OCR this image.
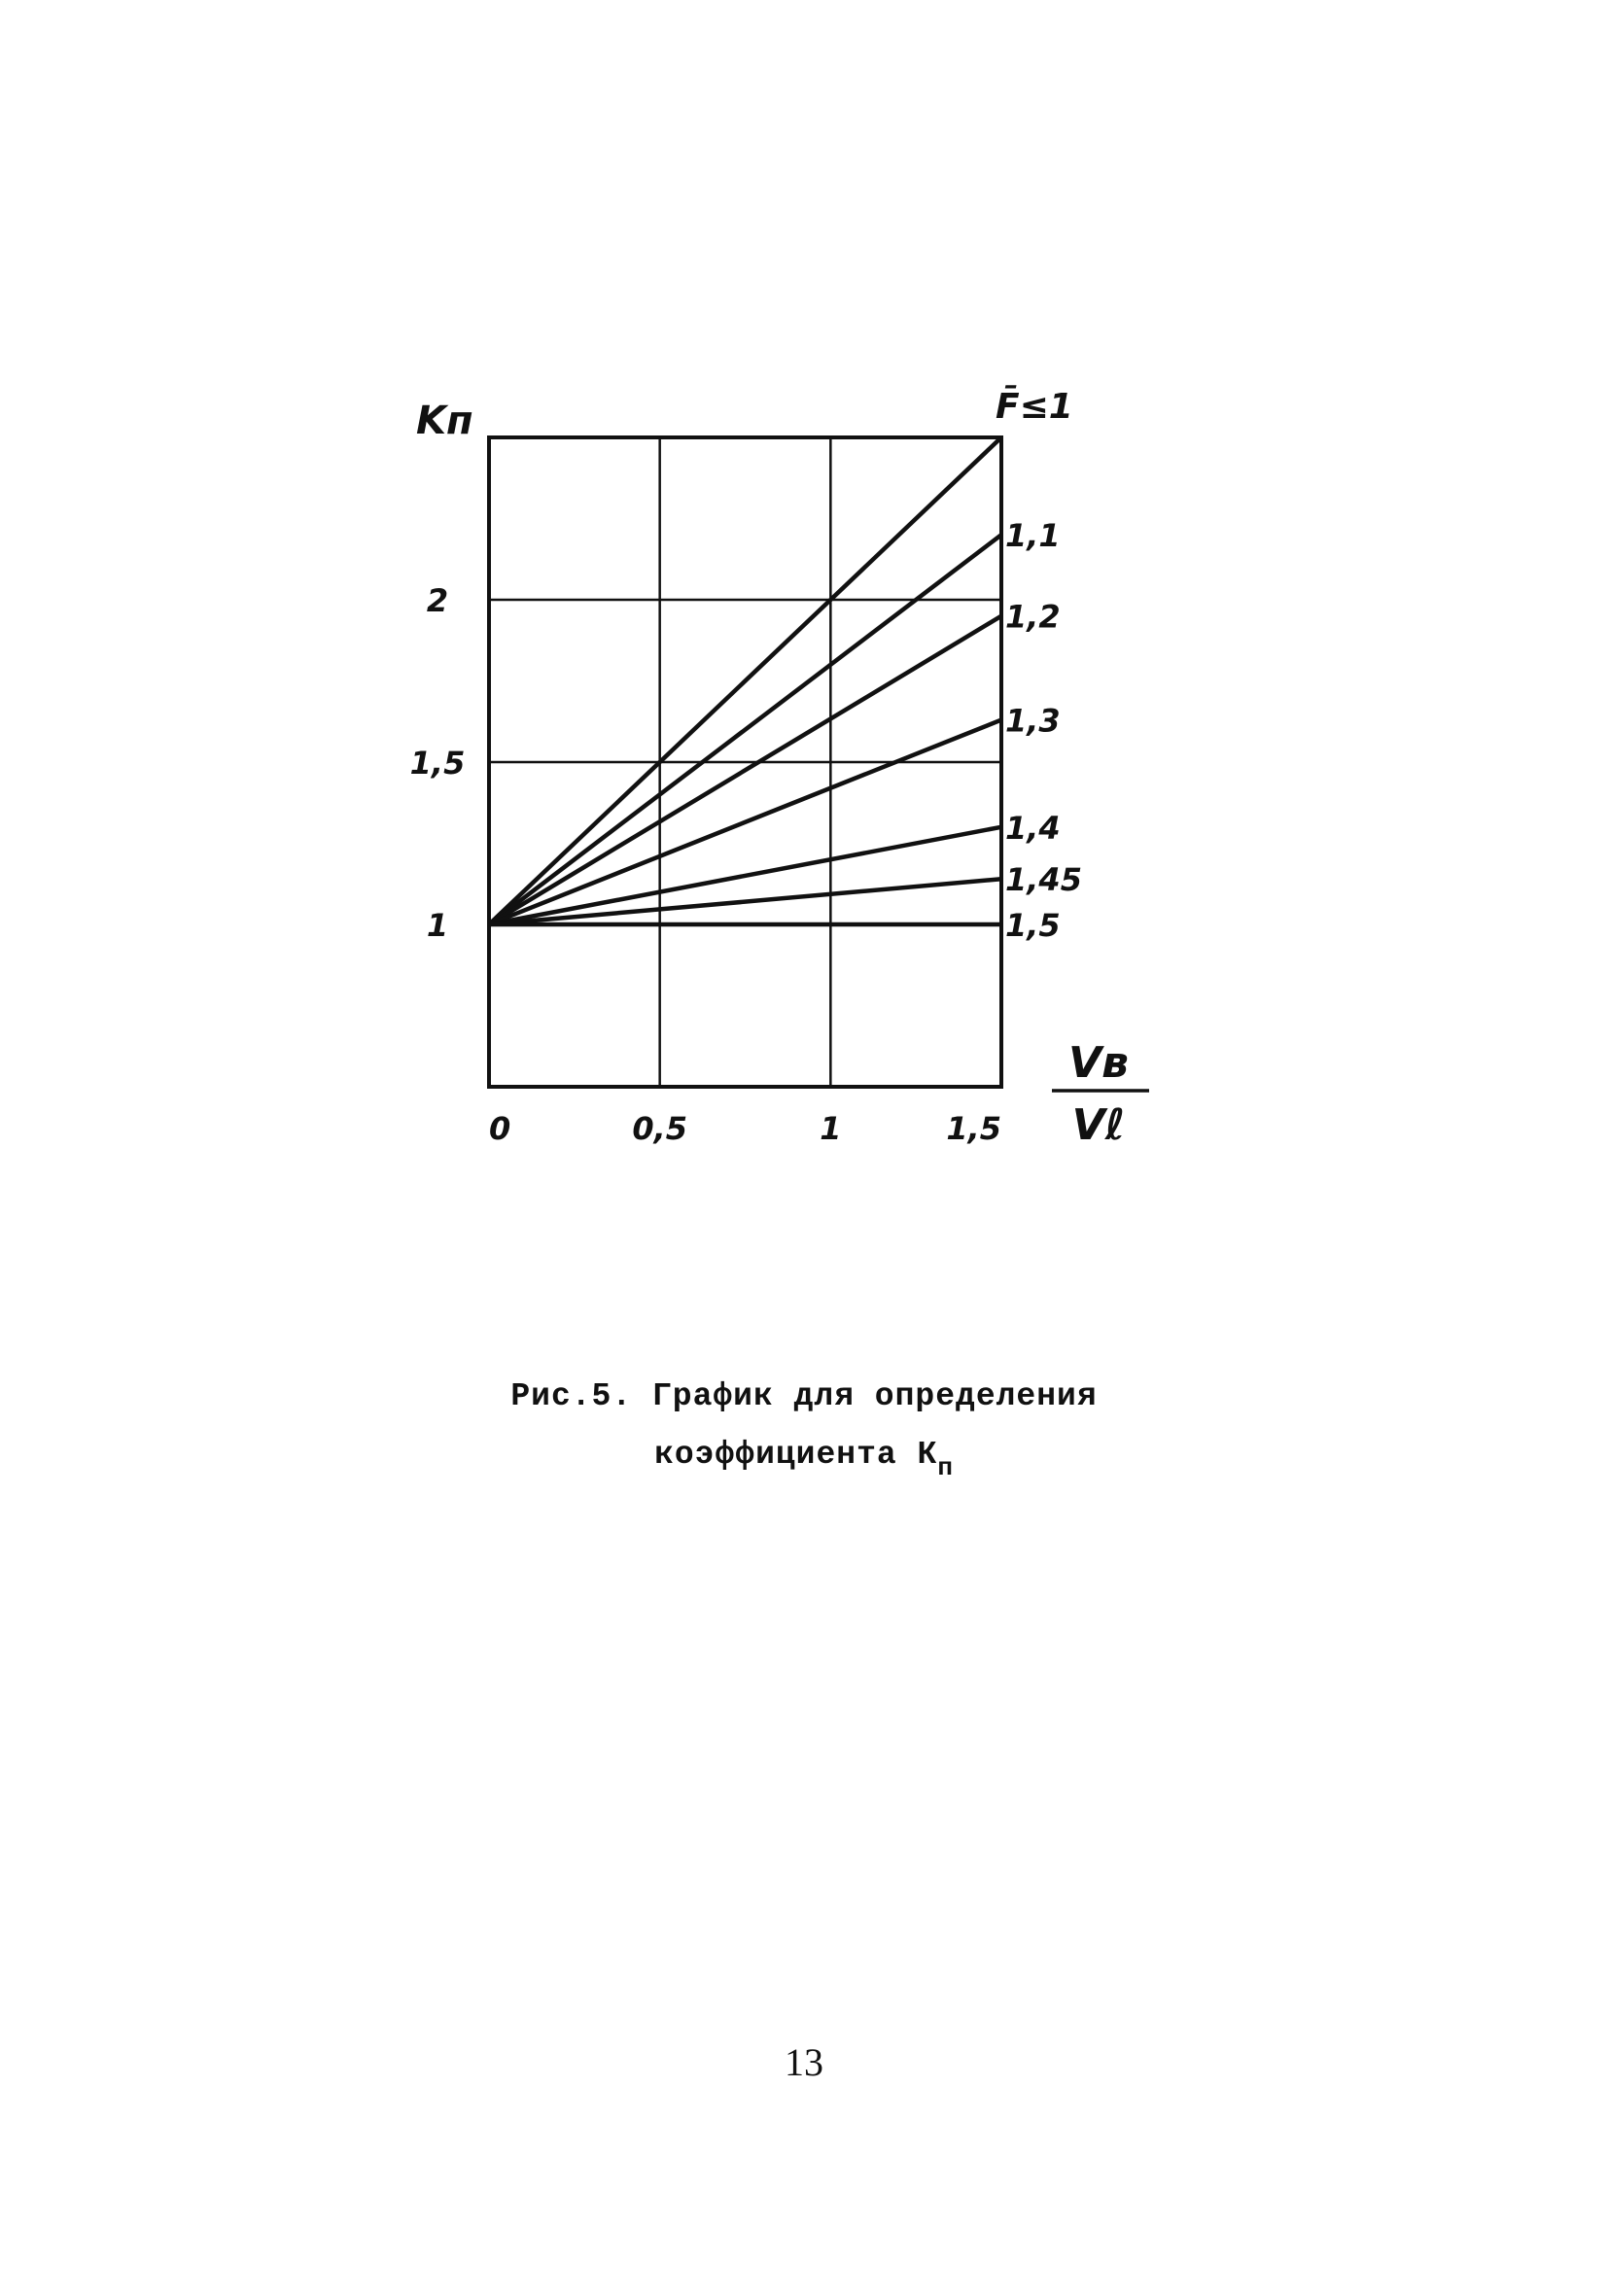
0	0,5	1	1,5
1
1,5
2
F̄≤1
1,1
1,2
1,3
1,4
1,45
1,5
Kп
Vв
Vℓ
Рис.5. График для определения
коэффициента $К_п$
13
